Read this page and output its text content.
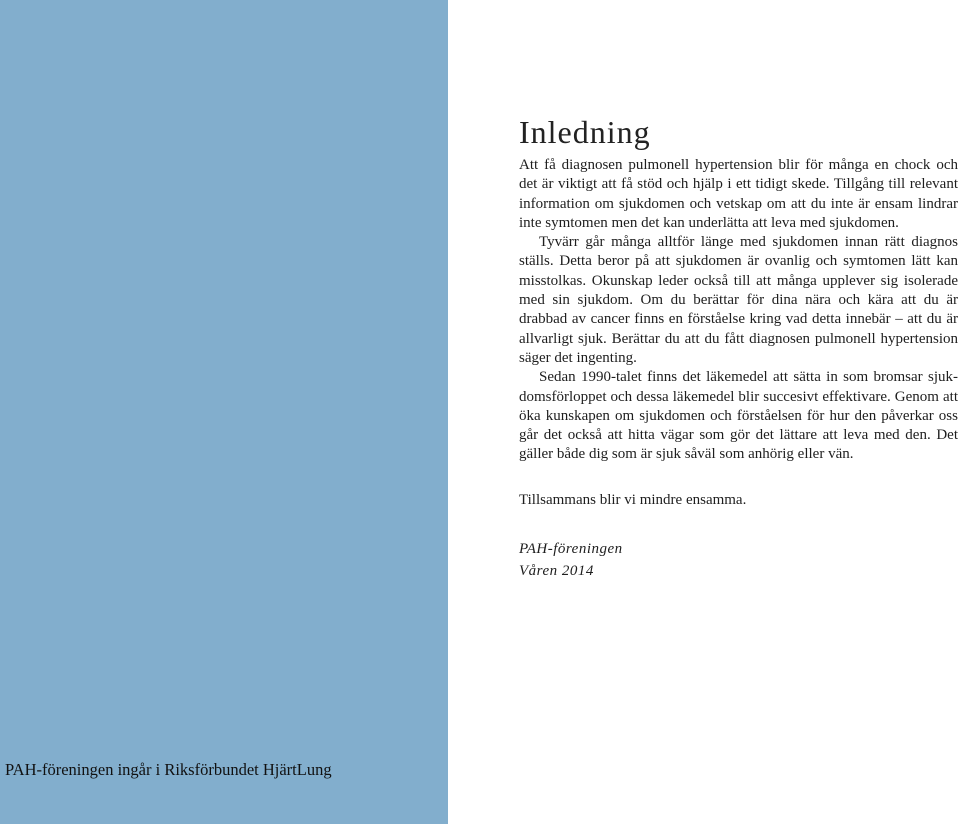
PAH-föreningen ingår i Riksförbundet HjärtLung
Inledning

Att få diagnosen pulmonell hypertension blir för många en chock och det är viktigt att få stöd och hjälp i ett tidigt skede. Tillgång till relevant information om sjukdomen och vetskap om att du inte är ensam lindrar inte symtomen men det kan underlätta att leva med sjukdomen.

Tyvärr går många alltför länge med sjukdomen innan rätt diagnos ställs. Detta beror på att sjukdomen är ovanlig och symtomen lätt kan misstolkas. Okunskap leder också till att många upplever sig isolerade med sin sjukdom. Om du berättar för dina nära och kära att du är drabbad av cancer finns en förståelse kring vad detta innebär – att du är allvarligt sjuk. Berättar du att du fått diagnosen pulmonell hypertension säger det ingenting.

Sedan 1990-talet finns det läkemedel att sätta in som bromsar sjukdomsförloppet och dessa läkemedel blir succesivt effektivare. Genom att öka kunskapen om sjukdomen och förståelsen för hur den påverkar oss går det också att hitta vägar som gör det lättare att leva med den. Det gäller både dig som är sjuk såväl som anhörig eller vän.

Tillsammans blir vi mindre ensamma.
PAH-föreningen
Våren 2014
